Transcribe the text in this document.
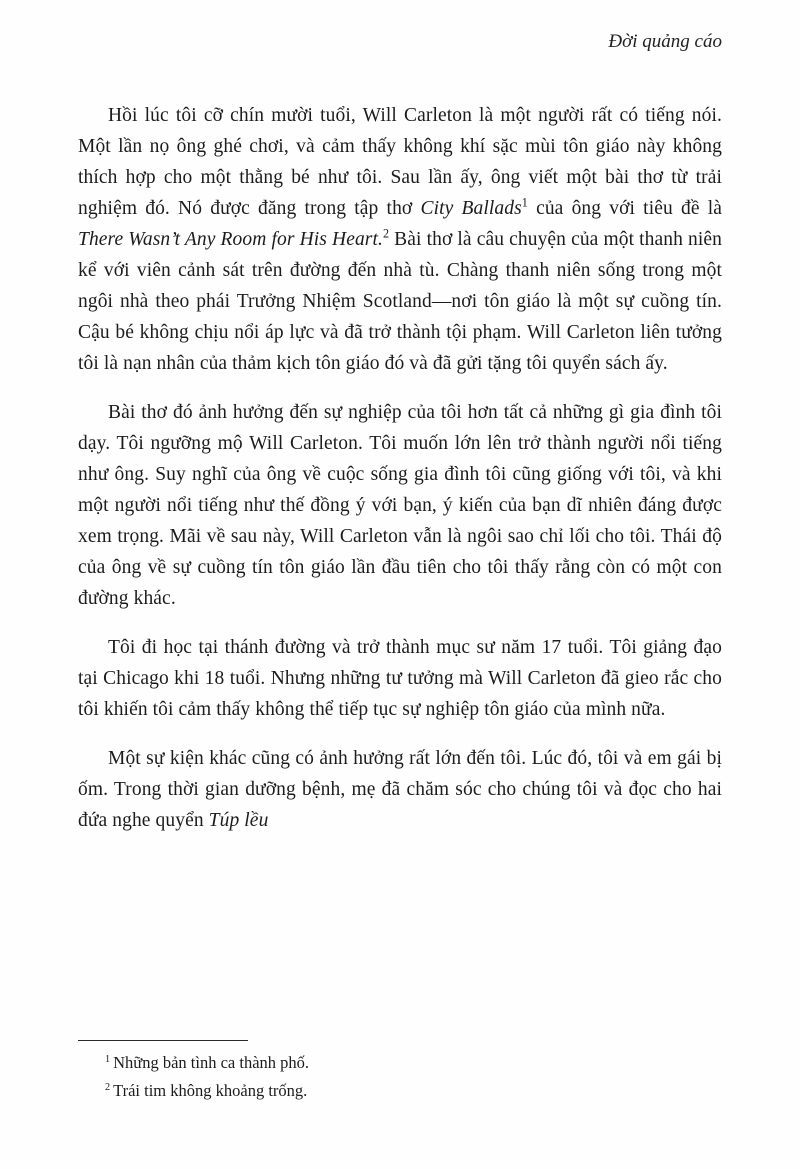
Đời quảng cáo

Hồi lúc tôi cỡ chín mười tuổi, Will Carleton là một người rất có tiếng nói. Một lần nọ ông ghé chơi, và cảm thấy không khí sặc mùi tôn giáo này không thích hợp cho một thằng bé như tôi. Sau lần ấy, ông viết một bài thơ từ trải nghiệm đó. Nó được đăng trong tập thơ City Ballads$^1$ của ông với tiêu đề là There Wasn’t Any Room for His Heart.$^2$ Bài thơ là câu chuyện của một thanh niên kể với viên cảnh sát trên đường đến nhà tù. Chàng thanh niên sống trong một ngôi nhà theo phái Trưởng Nhiệm Scotland—nơi tôn giáo là một sự cuồng tín. Cậu bé không chịu nổi áp lực và đã trở thành tội phạm. Will Carleton liên tưởng tôi là nạn nhân của thảm kịch tôn giáo đó và đã gửi tặng tôi quyển sách ấy.

Bài thơ đó ảnh hưởng đến sự nghiệp của tôi hơn tất cả những gì gia đình tôi dạy. Tôi ngưỡng mộ Will Carleton. Tôi muốn lớn lên trở thành người nổi tiếng như ông. Suy nghĩ của ông về cuộc sống gia đình tôi cũng giống với tôi, và khi một người nổi tiếng như thế đồng ý với bạn, ý kiến của bạn dĩ nhiên đáng được xem trọng. Mãi về sau này, Will Carleton vẫn là ngôi sao chỉ lối cho tôi. Thái độ của ông về sự cuồng tín tôn giáo lần đầu tiên cho tôi thấy rằng còn có một con đường khác.

Tôi đi học tại thánh đường và trở thành mục sư năm 17 tuổi. Tôi giảng đạo tại Chicago khi 18 tuổi. Nhưng những tư tưởng mà Will Carleton đã gieo rắc cho tôi khiến tôi cảm thấy không thể tiếp tục sự nghiệp tôn giáo của mình nữa.

Một sự kiện khác cũng có ảnh hưởng rất lớn đến tôi. Lúc đó, tôi và em gái bị ốm. Trong thời gian dưỡng bệnh, mẹ đã chăm sóc cho chúng tôi và đọc cho hai đứa nghe quyển Túp lều

$^1$ Những bản tình ca thành phố.
$^2$ Trái tim không khoảng trống.
